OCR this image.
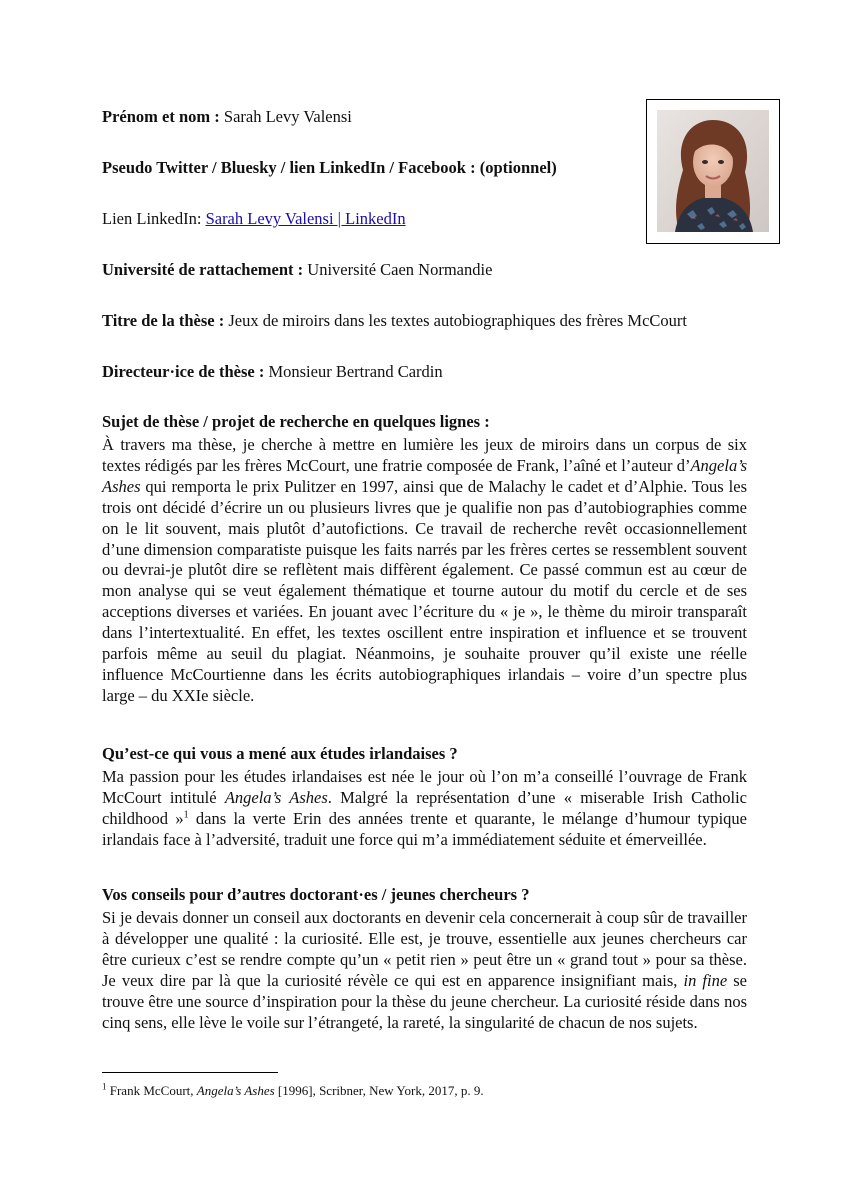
Prénom et nom : Sarah Levy Valensi
Pseudo Twitter / Bluesky / lien LinkedIn / Facebook : (optionnel)
Lien LinkedIn: Sarah Levy Valensi | LinkedIn
Université de rattachement : Université Caen Normandie
Titre de la thèse : Jeux de miroirs dans les textes autobiographiques des frères McCourt
Directeur·ice de thèse : Monsieur Bertrand Cardin
Sujet de thèse / projet de recherche en quelques lignes :
À travers ma thèse, je cherche à mettre en lumière les jeux de miroirs dans un corpus de six textes rédigés par les frères McCourt, une fratrie composée de Frank, l’aîné et l’auteur d’Angela’s Ashes qui remporta le prix Pulitzer en 1997, ainsi que de Malachy le cadet et d’Alphie. Tous les trois ont décidé d’écrire un ou plusieurs livres que je qualifie non pas d’autobiographies comme on le lit souvent, mais plutôt d’autofictions. Ce travail de recherche revêt occasionnellement d’une dimension comparatiste puisque les faits narrés par les frères certes se ressemblent souvent ou devrai-je plutôt dire se reflètent mais diffèrent également. Ce passé commun est au cœur de mon analyse qui se veut également thématique et tourne autour du motif du cercle et de ses acceptions diverses et variées. En jouant avec l’écriture du « je », le thème du miroir transparaît dans l’intertextualité. En effet, les textes oscillent entre inspiration et influence et se trouvent parfois même au seuil du plagiat. Néanmoins, je souhaite prouver qu’il existe une réelle influence McCourtienne dans les écrits autobiographiques irlandais – voire d’un spectre plus large – du XXIe siècle.
Qu’est-ce qui vous a mené aux études irlandaises ?
Ma passion pour les études irlandaises est née le jour où l’on m’a conseillé l’ouvrage de Frank McCourt intitulé Angela’s Ashes. Malgré la représentation d’une « miserable Irish Catholic childhood »$^1$ dans la verte Erin des années trente et quarante, le mélange d’humour typique irlandais face à l’adversité, traduit une force qui m’a immédiatement séduite et émerveillée.
Vos conseils pour d’autres doctorant·es / jeunes chercheurs ?
Si je devais donner un conseil aux doctorants en devenir cela concernerait à coup sûr de travailler à développer une qualité : la curiosité. Elle est, je trouve, essentielle aux jeunes chercheurs car être curieux c’est se rendre compte qu’un « petit rien » peut être un « grand tout » pour sa thèse. Je veux dire par là que la curiosité révèle ce qui est en apparence insignifiant mais, in fine se trouve être une source d’inspiration pour la thèse du jeune chercheur. La curiosité réside dans nos cinq sens, elle lève le voile sur l’étrangeté, la rareté, la singularité de chacun de nos sujets.
$^1$ Frank McCourt, Angela’s Ashes [1996], Scribner, New York, 2017, p. 9.
